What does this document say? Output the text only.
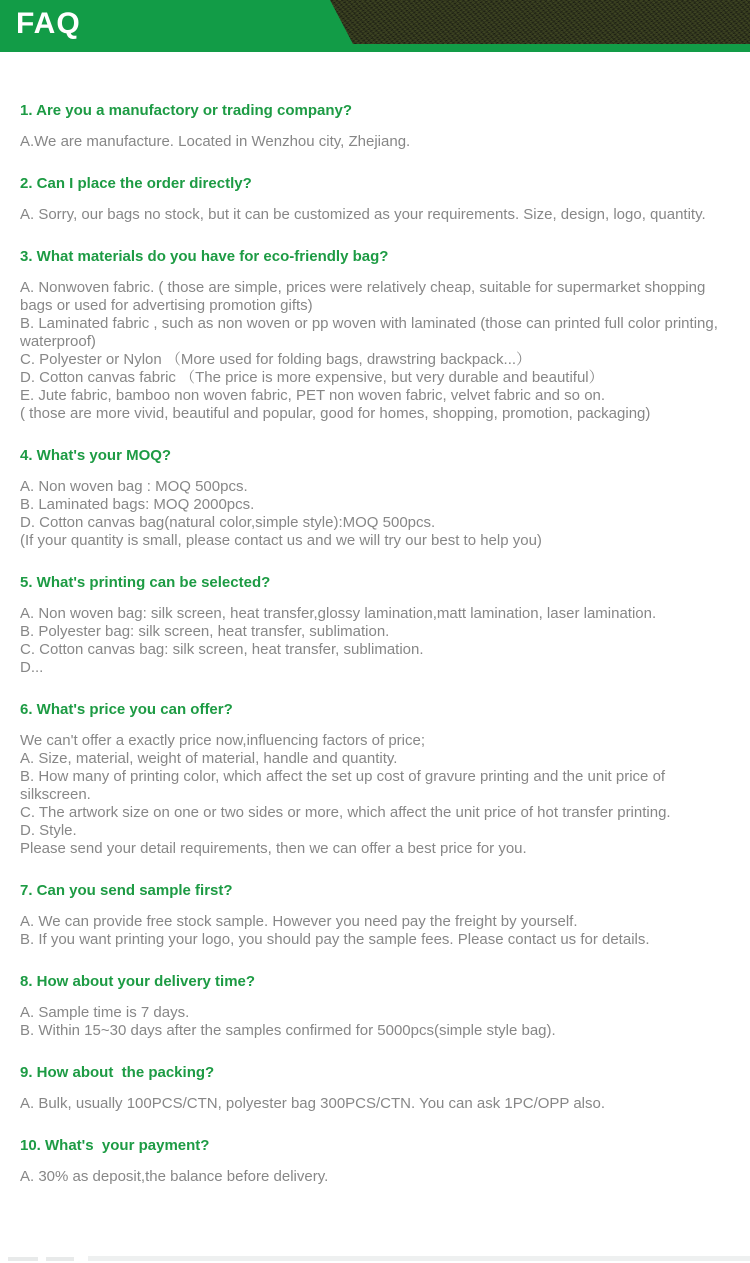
FAQ
1. Are you a manufactory or trading company?
A.We are manufacture. Located in Wenzhou city, Zhejiang.
2. Can I place the order directly?
A. Sorry, our bags no stock, but it can be customized as your requirements. Size, design, logo, quantity.
3. What materials do you have for eco-friendly bag?
A. Nonwoven fabric. ( those are simple, prices were relatively cheap, suitable for supermarket shopping bags or used for advertising promotion gifts)
B. Laminated fabric , such as non woven or pp woven with laminated (those can printed full color printing, waterproof)
C. Polyester or Nylon （More used for folding bags, drawstring backpack...）
D. Cotton canvas fabric （The price is more expensive, but very durable and beautiful）
E. Jute fabric, bamboo non woven fabric, PET non woven fabric, velvet fabric and so on.
( those are more vivid, beautiful and popular, good for homes, shopping, promotion, packaging)
4. What's your MOQ?
A. Non woven bag : MOQ 500pcs.
B. Laminated bags: MOQ 2000pcs.
D. Cotton canvas bag(natural color,simple style):MOQ 500pcs.
(If your quantity is small, please contact us and we will try our best to help you)
5. What's printing can be selected?
A. Non woven bag: silk screen, heat transfer,glossy lamination,matt lamination, laser lamination.
B. Polyester bag: silk screen, heat transfer, sublimation.
C. Cotton canvas bag: silk screen, heat transfer, sublimation.
D...
6. What's price you can offer?
We can't offer a exactly price now,influencing factors of price;
A. Size, material, weight of material, handle and quantity.
B. How many of printing color, which affect the set up cost of gravure printing and the unit price of silkscreen.
C. The artwork size on one or two sides or more, which affect the unit price of hot transfer printing.
D. Style.
Please send your detail requirements, then we can offer a best price for you.
7. Can you send sample first?
A. We can provide free stock sample. However you need pay the freight by yourself.
B. If you want printing your logo, you should pay the sample fees. Please contact us for details.
8. How about your delivery time?
A. Sample time is 7 days.
B. Within 15~30 days after the samples confirmed for 5000pcs(simple style bag).
9. How about  the packing?
A. Bulk, usually 100PCS/CTN, polyester bag 300PCS/CTN. You can ask 1PC/OPP also.
10. What's  your payment?
A. 30% as deposit,the balance before delivery.
